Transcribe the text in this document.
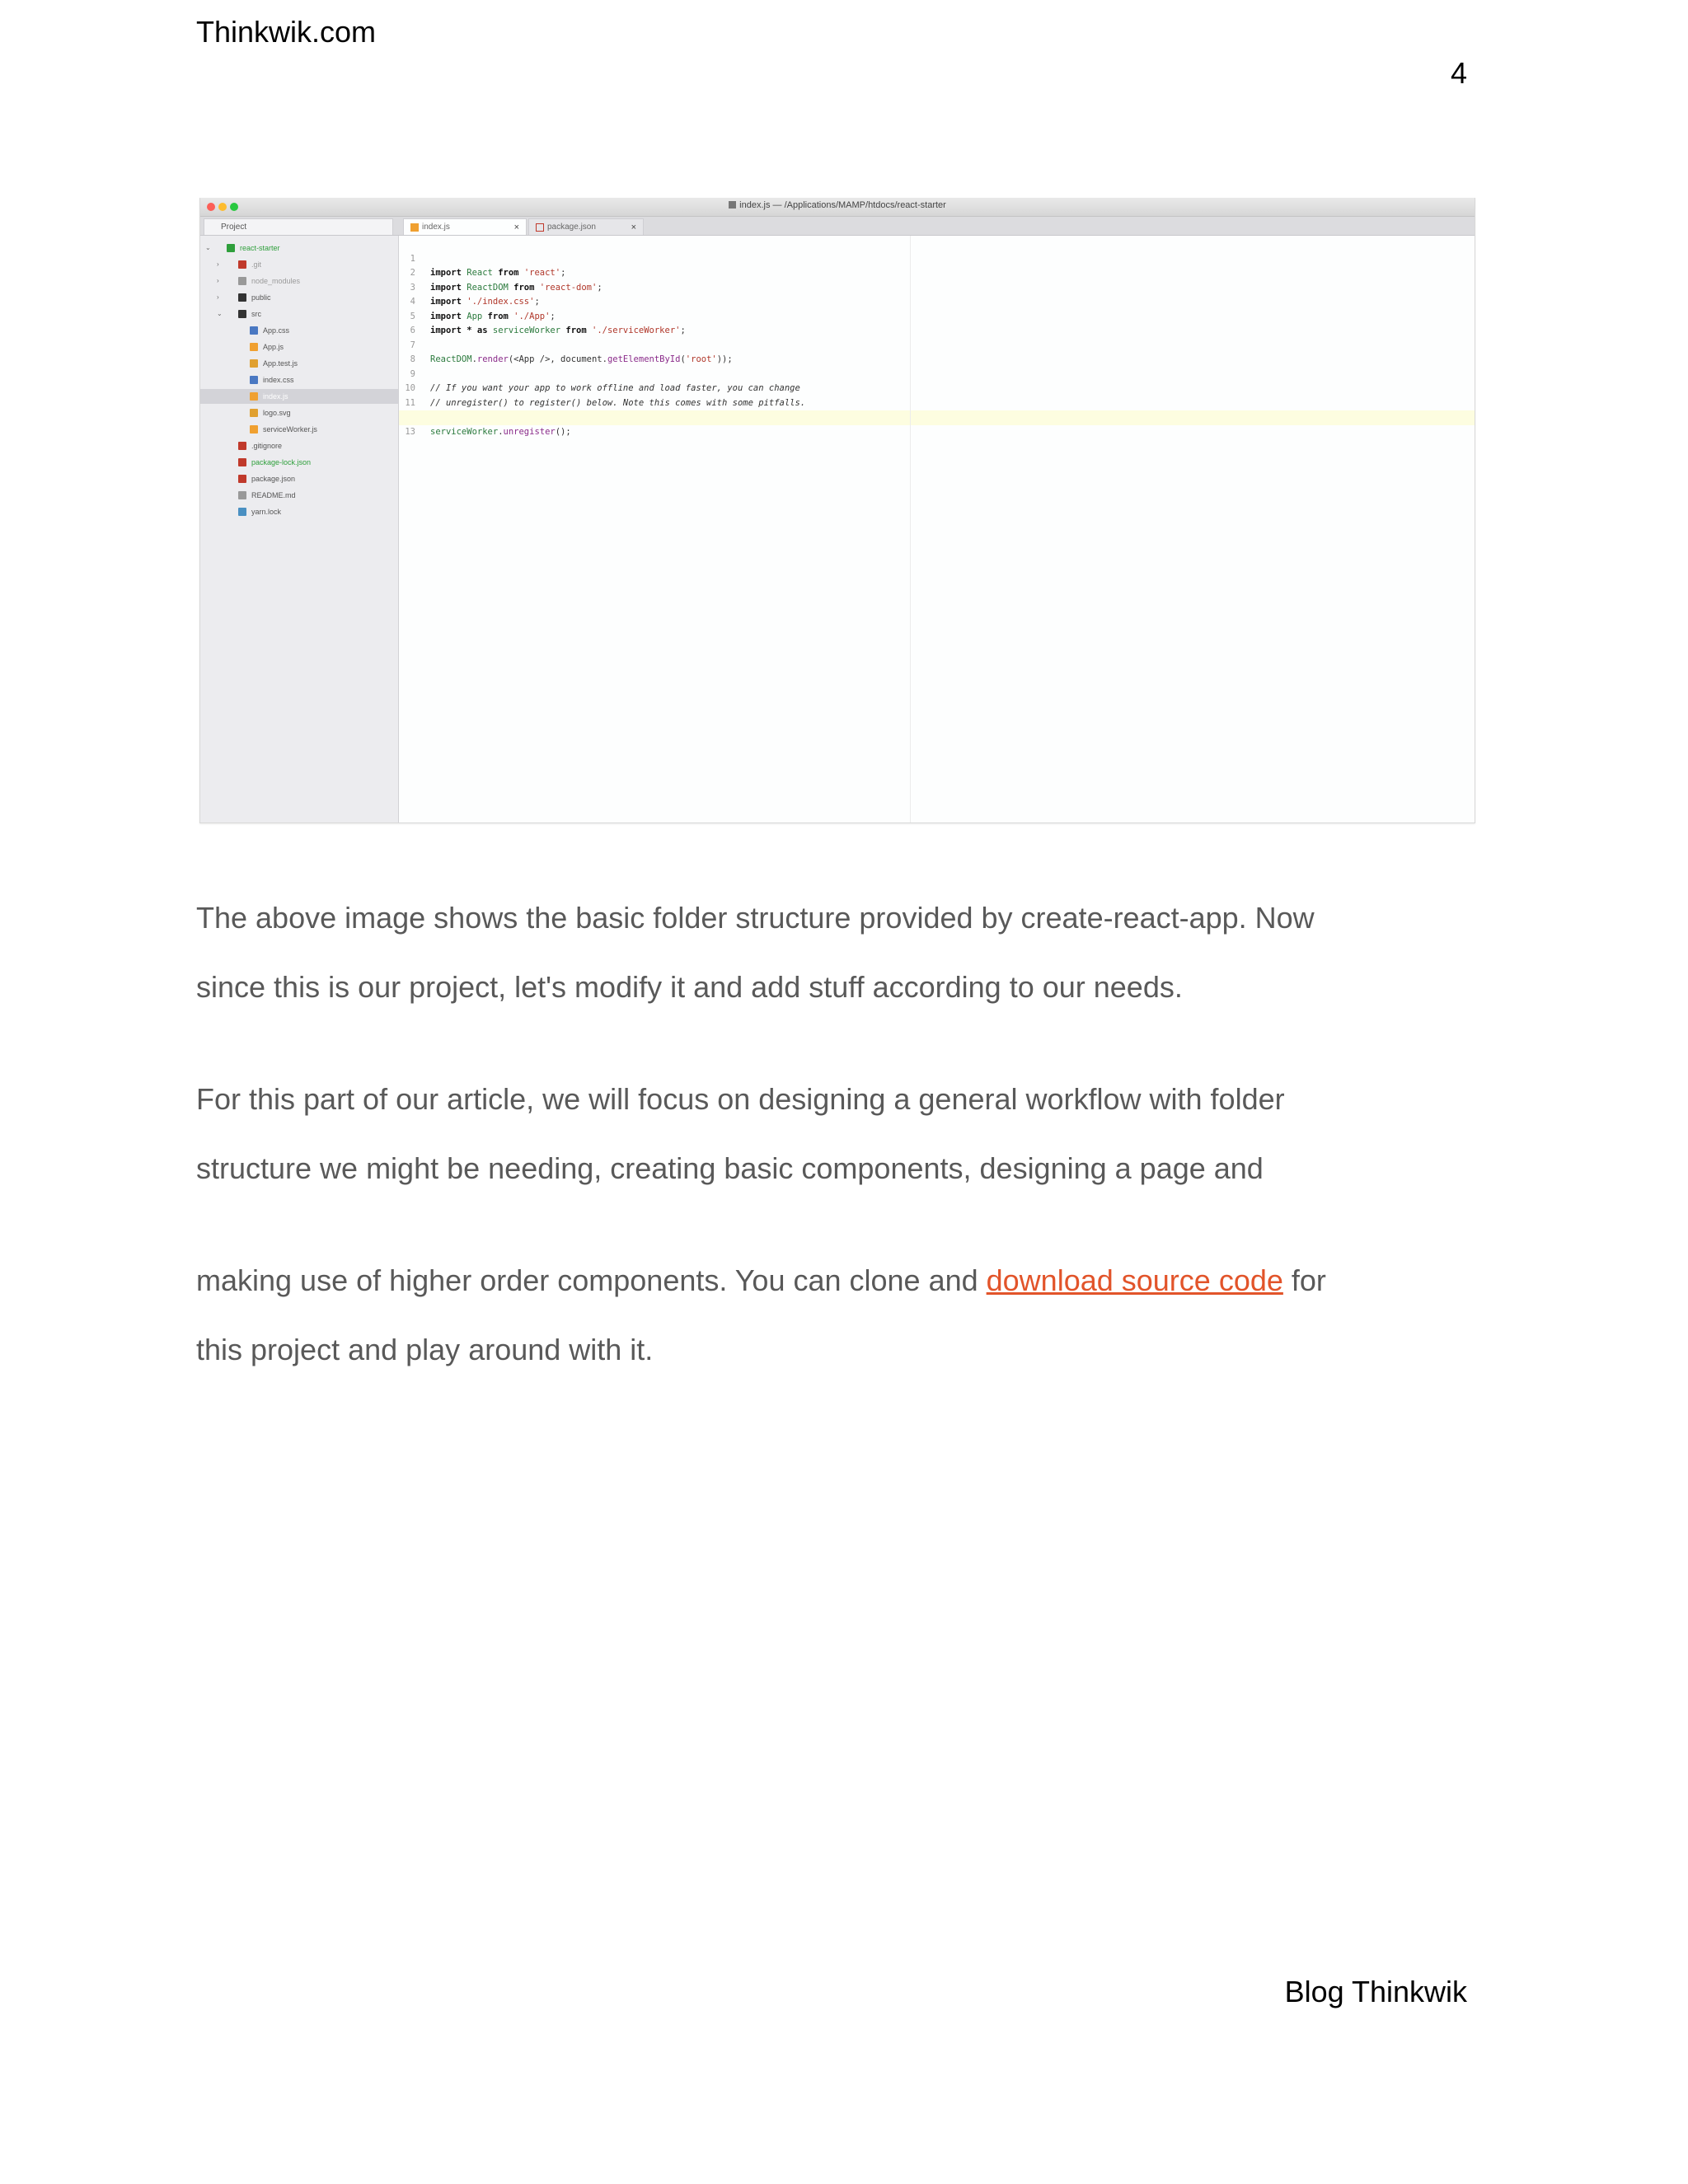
Thinkwik.com
4
index.js — /Applications/MAMP/htdocs/react-starter
Project	index.js	×	package.json	×
⌄	react-starter
›	.git
›	node_modules
›	public
⌄	src
App.css
App.js
App.test.js
index.css
index.js
logo.svg
serviceWorker.js
.gitignore
package-lock.json
package.json
README.md
yarn.lock

1

import React from 'react';

2

import ReactDOM from 'react-dom';

3

import './index.css';

4

import App from './App';

5

import * as serviceWorker from './serviceWorker';

6

7

ReactDOM.render(<App />, document.getElementById('root'));

8

9

// If you want your app to work offline and load faster, you can change

10

// unregister() to register() below. Note this comes with some pitfalls.

11

serviceWorker.unregister();

13

The above image shows the basic folder structure provided by create-react-app. Now
since this is our project, let's modify it and add stuff according to our needs.
For this part of our article, we will focus on designing a general workflow with folder
structure we might be needing, creating basic components, designing a page and
making use of higher order components. You can clone and download source code for
this project and play around with it.
Blog Thinkwik
